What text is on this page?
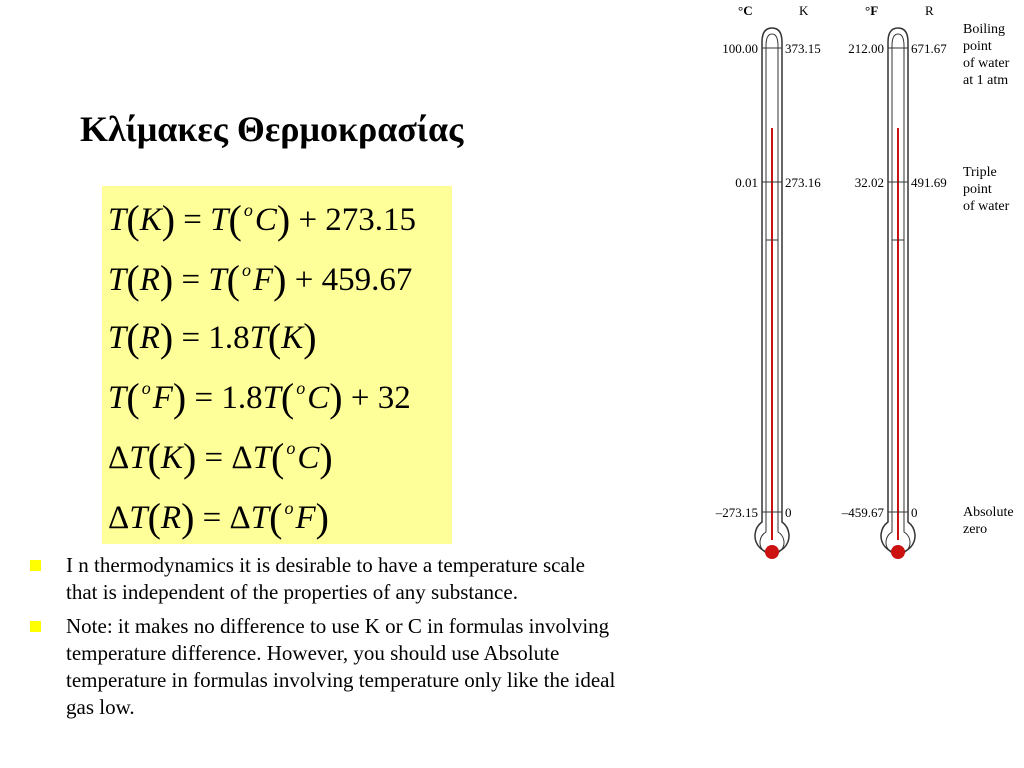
Κλίμακες Θερμοκρασίας
T(K) = T( $^o$C) + 273.15
T(R) = T( $^o$F) + 459.67
T(R) = 1.8T(K)
T( $^o$F) = 1.8T( $^o$C) + 32
ΔT(K) = ΔT( $^o$C)
ΔT(R) = ΔT( $^o$F)
I n thermodynamics it is desirable to have a temperature scale
that is independent of the properties of any substance.
Note: it makes no difference to use K or C in formulas involving
temperature difference. However, you should use Absolute
temperature in formulas involving temperature only like the ideal
gas low.
°C	K	°F	R
100.00 373.15 212.00 671.67
0.01 273.16	32.02 491.69
–273.15 0	–459.67 0
Boiling
point
of water
at 1 atm
Triple
point
of water
Absolute
zero
